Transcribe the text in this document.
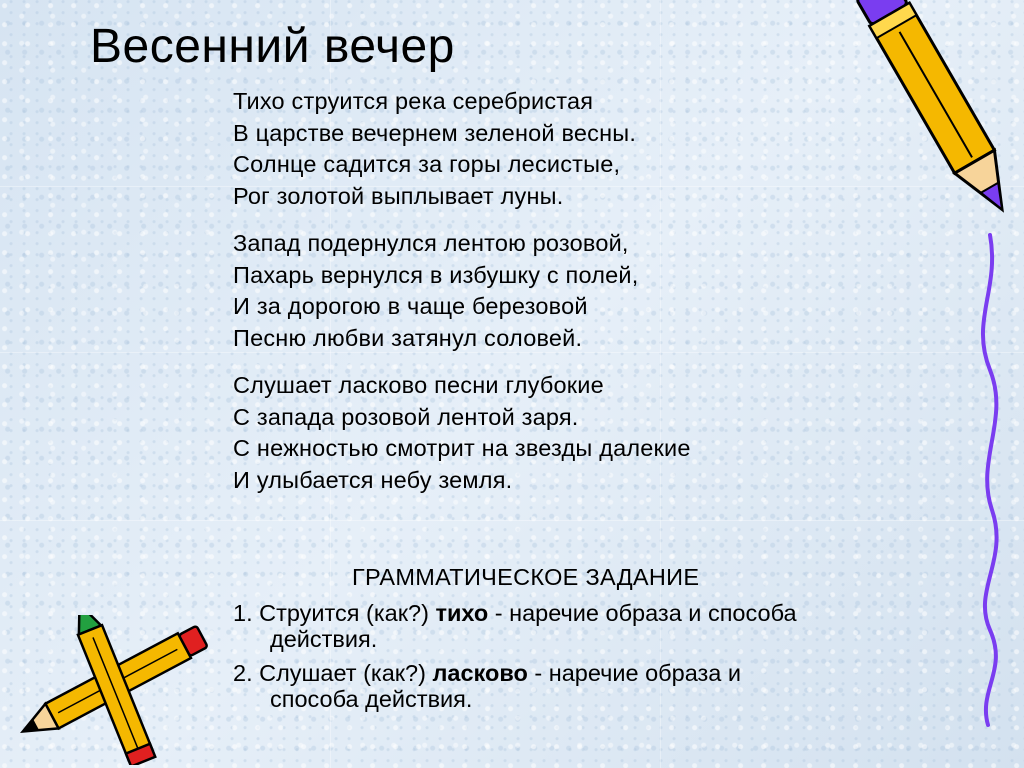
Весенний вечер
Тихо струится река серебристая
В царстве вечернем зеленой весны.
Солнце садится за горы лесистые,
Рог золотой выплывает луны.
Запад подернулся лентою розовой,
Пахарь вернулся в избушку с полей,
И за дорогою в чаще березовой
Песню любви затянул соловей.
Слушает ласково песни глубокие
С запада розовой лентой заря.
С нежностью смотрит на звезды далекие
И улыбается небу земля.
ГРАММАТИЧЕСКОЕ ЗАДАНИЕ
1. Струится (как?) тихо - наречие образа и способа
действия.
2. Слушает (как?) ласково - наречие образа и
способа действия.
